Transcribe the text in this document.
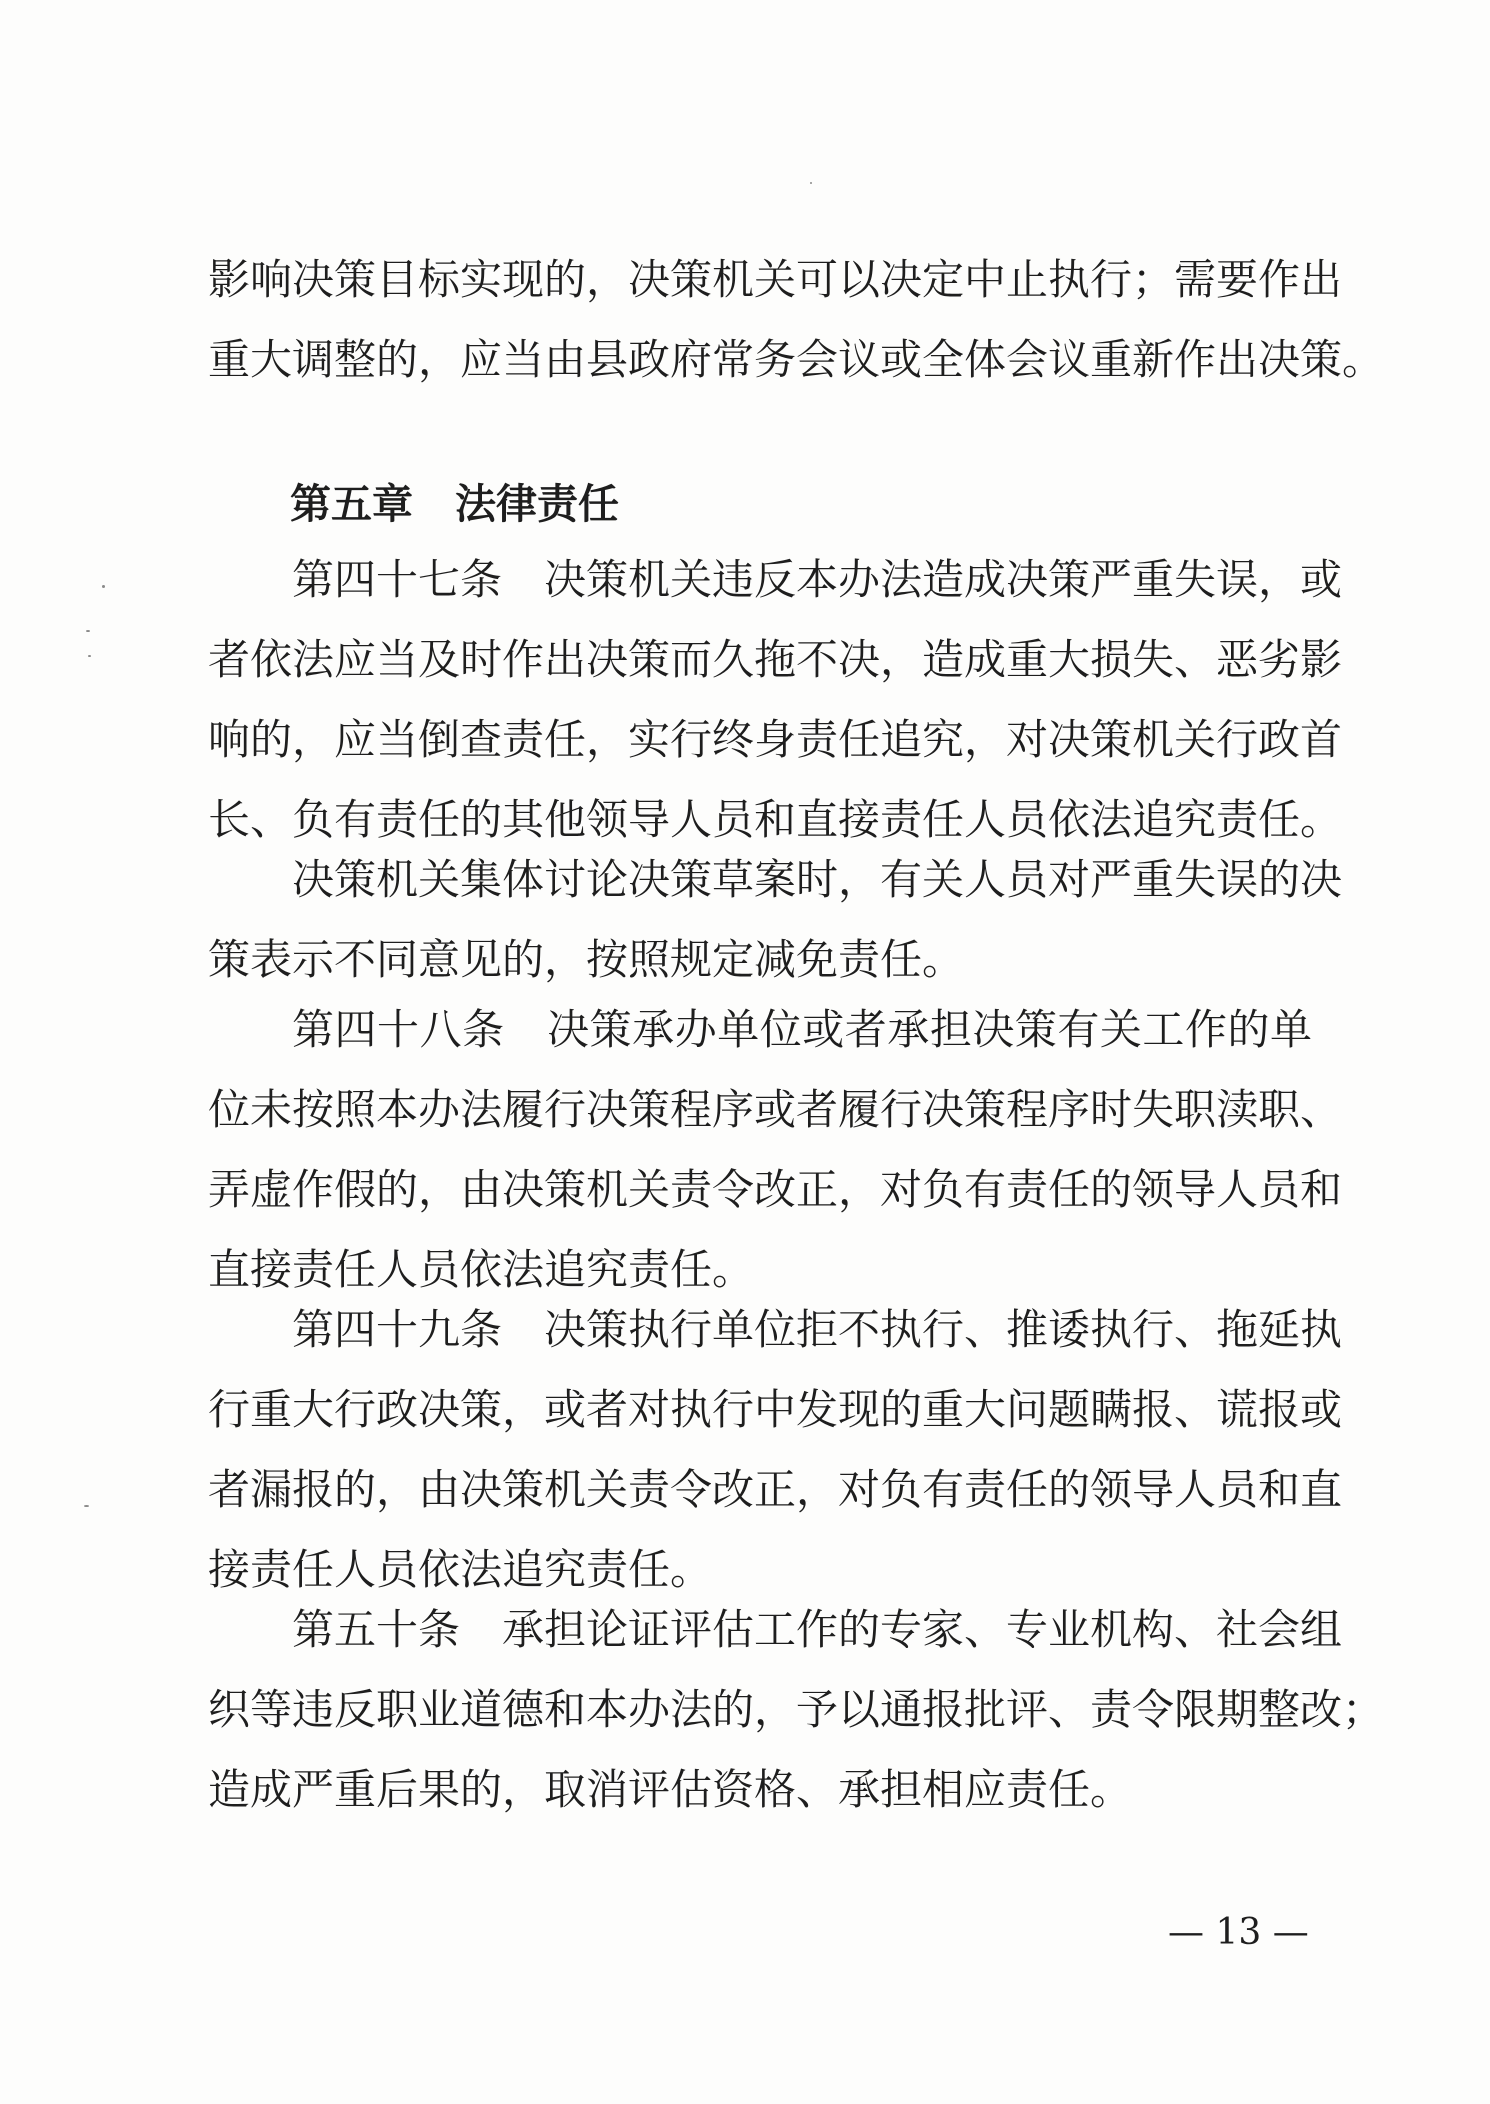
影响决策目标实现的，决策机关可以决定中止执行；需要作出
重大调整的，应当由县政府常务会议或全体会议重新作出决策。
第五章 法律责任
第四十七条　决策机关违反本办法造成决策严重失误，或
者依法应当及时作出决策而久拖不决，造成重大损失、恶劣影
响的，应当倒查责任，实行终身责任追究，对决策机关行政首
长、负有责任的其他领导人员和直接责任人员依法追究责任。
决策机关集体讨论决策草案时，有关人员对严重失误的决
策表示不同意见的，按照规定减免责任。
第四十八条　决策承办单位或者承担决策有关工作的单
位未按照本办法履行决策程序或者履行决策程序时失职渎职、
弄虚作假的，由决策机关责令改正，对负有责任的领导人员和
直接责任人员依法追究责任。
第四十九条　决策执行单位拒不执行、推诿执行、拖延执
行重大行政决策，或者对执行中发现的重大问题瞒报、谎报或
者漏报的，由决策机关责令改正，对负有责任的领导人员和直
接责任人员依法追究责任。
第五十条　承担论证评估工作的专家、专业机构、社会组
织等违反职业道德和本办法的，予以通报批评、责令限期整改；
造成严重后果的，取消评估资格、承担相应责任。
— 13 —
